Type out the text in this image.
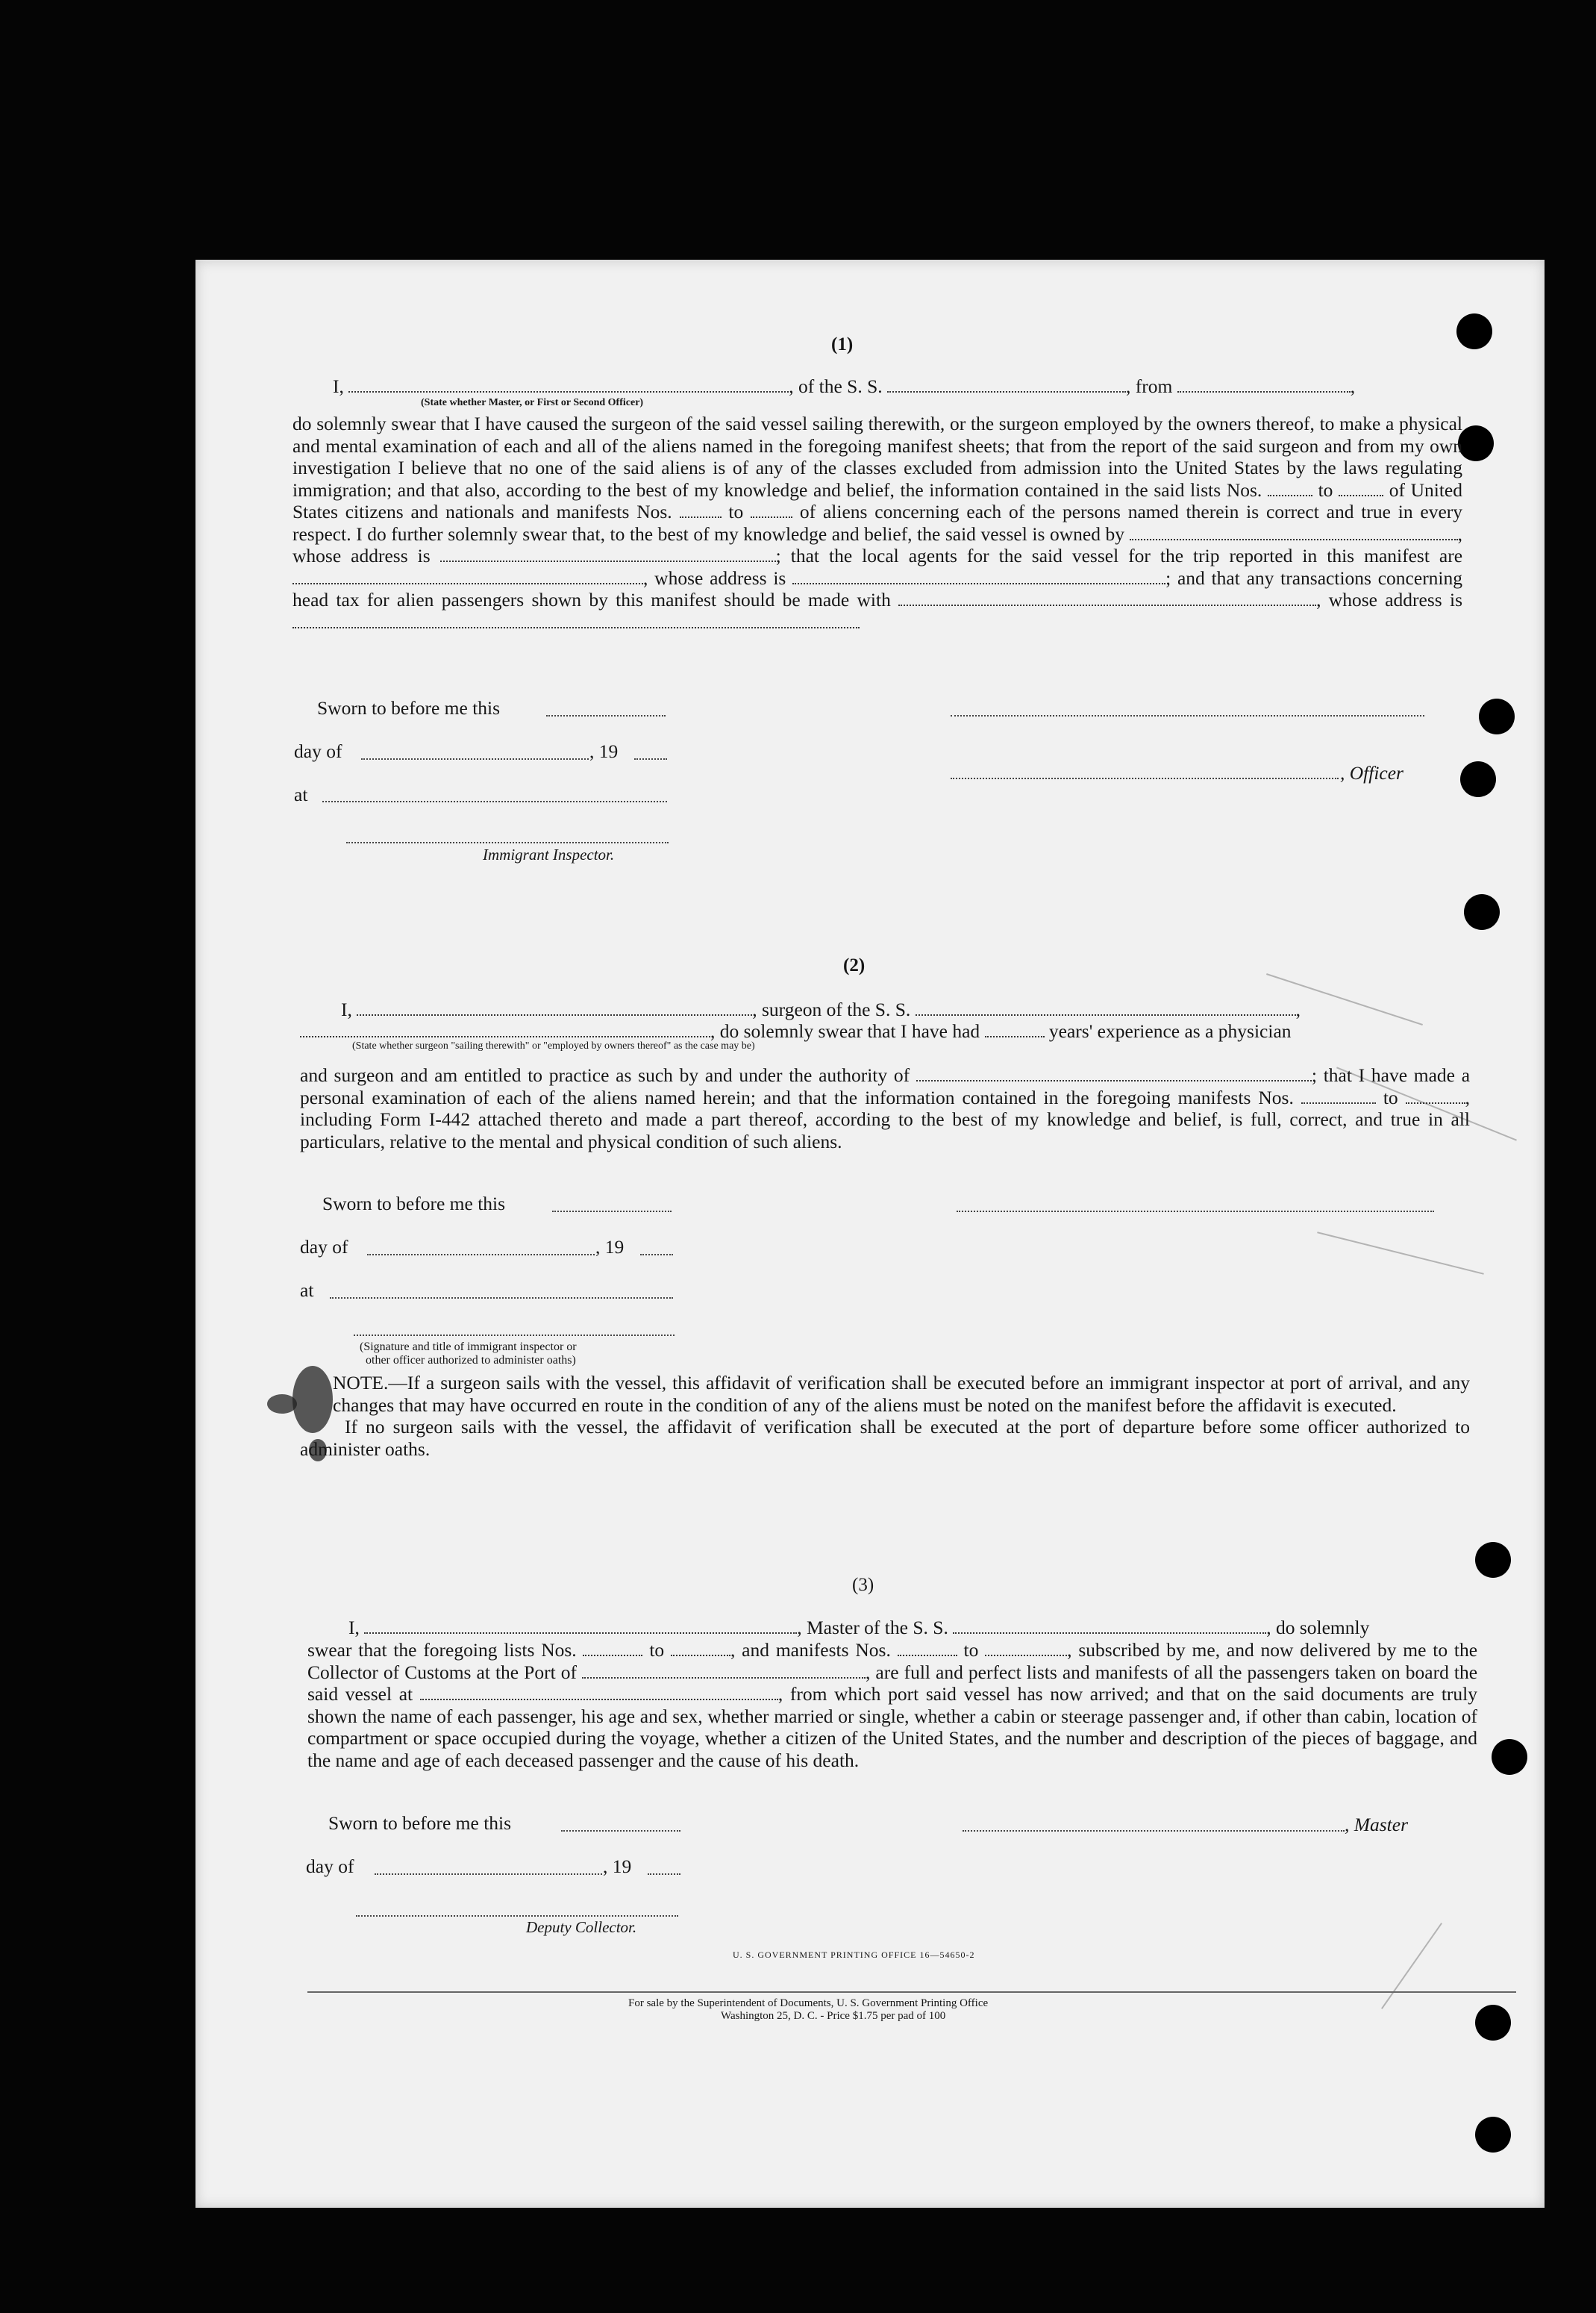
(1)
I,	, of the S. S.	, from	,
(State whether Master, or First or Second Officer)

do solemnly swear that I have caused the surgeon of the said vessel sailing therewith, or the surgeon employed by the owners thereof, to make a physical and mental examination of each and all of the aliens named in the foregoing manifest sheets; that from the report of the said surgeon and from my own investigation I believe that no one of the said aliens is of any of the classes excluded from admission into the United States by the laws regulating immigration; and that also, according to the best of my knowledge and belief, the information contained in the said lists Nos.	to	of United States citizens and nationals and manifests Nos.	to	of aliens concerning each of the persons named therein is correct and true in every respect. I do further solemnly swear that, to the best of my knowledge and belief, the said vessel is owned by	, whose address is	; that the local agents for the said vessel for the trip reported in this manifest are , whose address is	; and that any transactions concerning head tax for alien passengers shown by this manifest should be made with	, whose address is

Sworn to before me this
day of	, 19
, Officer
at
Immigrant Inspector.
(2)
I,	, surgeon of the S. S.	,
, do solemnly swear that I have had	years' experience as a physician
(State whether surgeon "sailing therewith" or "employed by owners thereof" as the case may be)

and surgeon and am entitled to practice as such by and under the authority of	; that I have made a personal examination of each of the aliens named herein; and that the information contained in the foregoing manifests Nos.	to	, including Form I-442 attached thereto and made a part thereof, according to the best of my knowledge and belief, is full, correct, and true in all particulars, relative to the mental and physical condition of such aliens.

Sworn to before me this
day of	, 19
at
(Signature and title of immigrant inspector or
other officer authorized to administer oaths)

NOTE.—If a surgeon sails with the vessel, this affidavit of verification shall be executed before an immigrant inspector at port of arrival, and any changes that may have occurred en route in the condition of any of the aliens must be noted on the manifest before the affidavit is executed.

If no surgeon sails with the vessel, the affidavit of verification shall be executed at the port of departure before some officer authorized to administer oaths.

(3)
I,	, Master of the S. S.	, do solemnly

swear that the foregoing lists Nos.	to	, and manifests Nos.	to	, subscribed by me, and now delivered by me to the Collector of Customs at the Port of	, are full and perfect lists and manifests of all the passengers taken on board the said vessel at	, from which port said vessel has now arrived; and that on the said documents are truly shown the name of each passenger, his age and sex, whether married or single, whether a cabin or steerage passenger and, if other than cabin, location of compartment or space occupied during the voyage, whether a citizen of the United States, and the number and description of the pieces of baggage, and the name and age of each deceased passenger and the cause of his death.

Sworn to before me this	, Master
day of	, 19
Deputy Collector.
U. S. GOVERNMENT PRINTING OFFICE 16—54650-2
For sale by the Superintendent of Documents, U. S. Government Printing Office
Washington 25, D. C. - Price $1.75 per pad of 100
